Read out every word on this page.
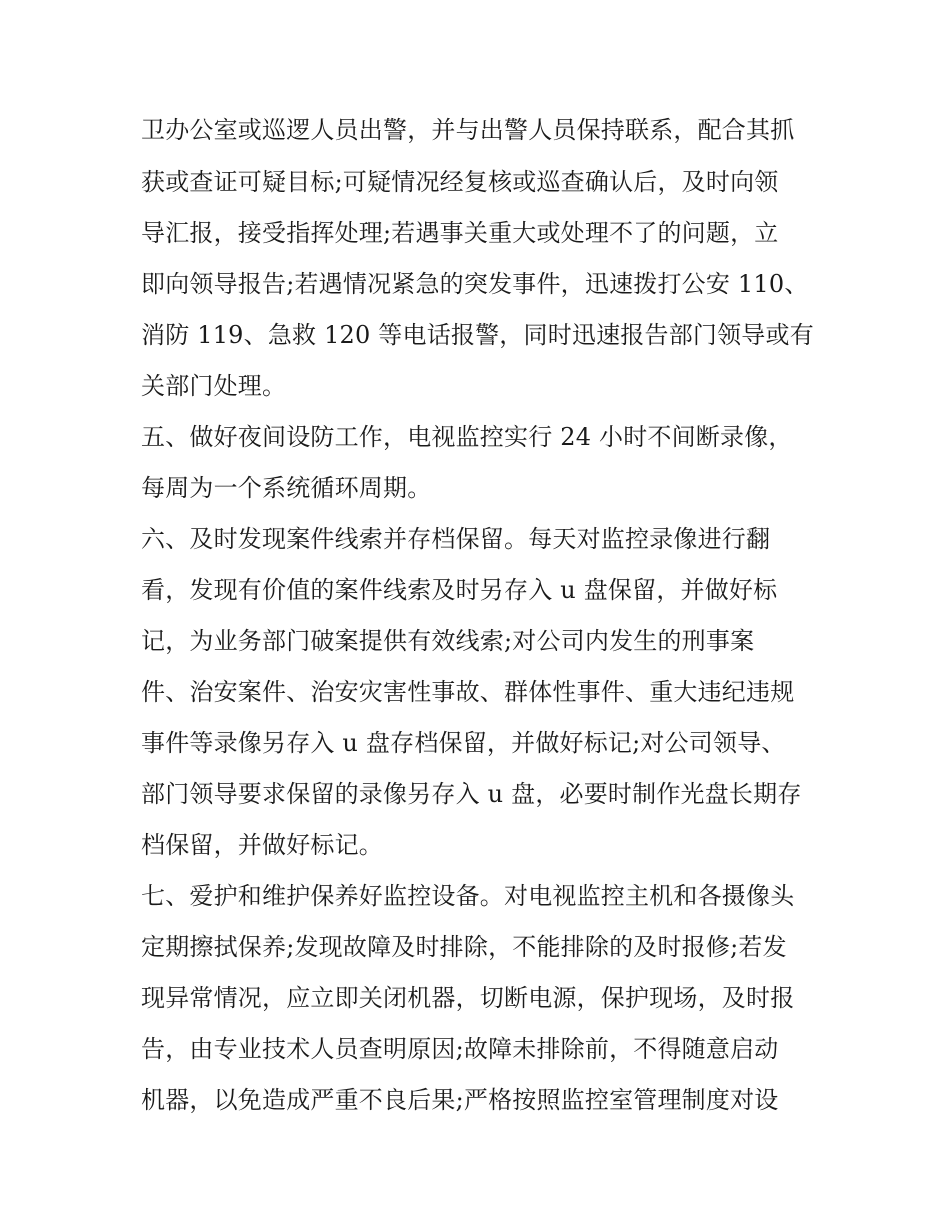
卫办公室或巡逻人员出警，并与出警人员保持联系，配合其抓
获或查证可疑目标;可疑情况经复核或巡查确认后，及时向领
导汇报，接受指挥处理;若遇事关重大或处理不了的问题，立
即向领导报告;若遇情况紧急的突发事件，迅速拨打公安 110、
消防 119、急救 120 等电话报警，同时迅速报告部门领导或有
关部门处理。
五、做好夜间设防工作，电视监控实行 24 小时不间断录像，
每周为一个系统循环周期。
六、及时发现案件线索并存档保留。每天对监控录像进行翻
看，发现有价值的案件线索及时另存入 u 盘保留，并做好标
记，为业务部门破案提供有效线索;对公司内发生的刑事案
件、治安案件、治安灾害性事故、群体性事件、重大违纪违规
事件等录像另存入 u 盘存档保留，并做好标记;对公司领导、
部门领导要求保留的录像另存入 u 盘，必要时制作光盘长期存
档保留，并做好标记。
七、爱护和维护保养好监控设备。对电视监控主机和各摄像头
定期擦拭保养;发现故障及时排除，不能排除的及时报修;若发
现异常情况，应立即关闭机器，切断电源，保护现场，及时报
告，由专业技术人员查明原因;故障未排除前，不得随意启动
机器，以免造成严重不良后果;严格按照监控室管理制度对设
